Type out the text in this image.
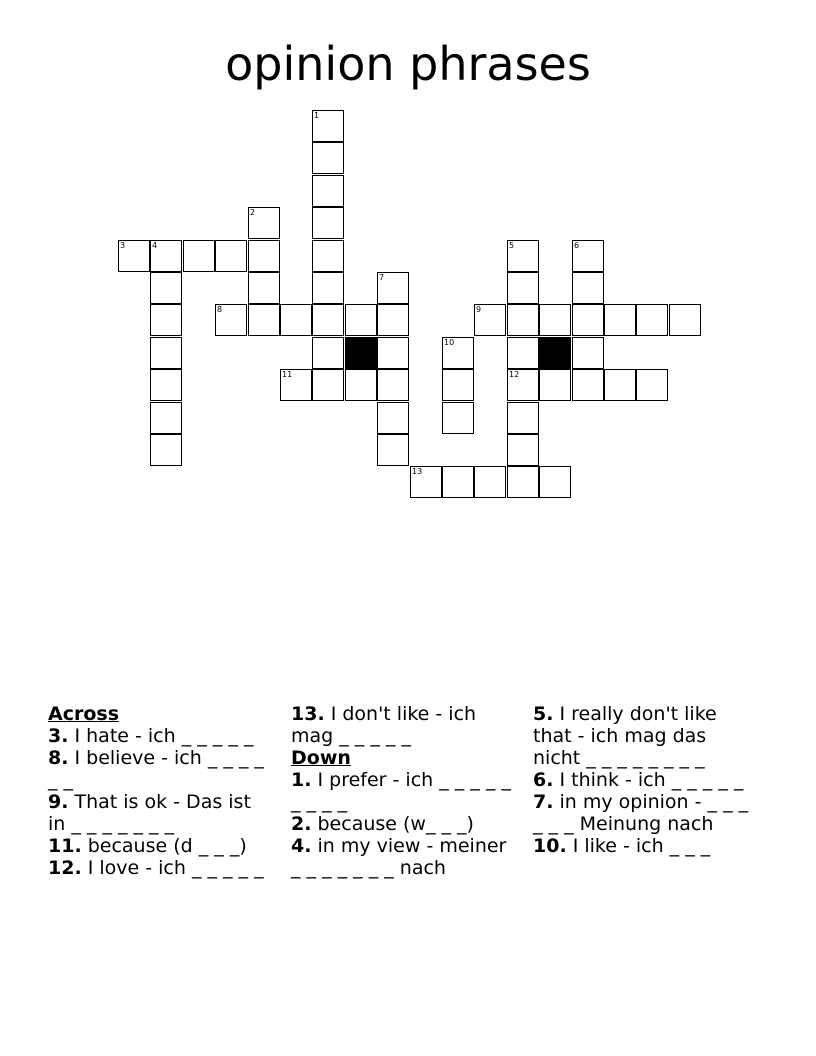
opinion phrases
1
2
3	4	5
12
6
7
8	9
10
11
13

Across

3. I hate - ich _ _ _ _ _

8. I believe - ich _ _ _ _ _ _

9. That is ok - Das ist in _ _ _ _ _ _ _

11. because (d _ _ _)

12. I love - ich _ _ _ _ _

13. I don't like - ich mag _ _ _ _ _

Down

1. I prefer - ich _ _ _ _ _ _ _ _ _

2. because (w_ _ _)

4. in my view - meiner _ _ _ _ _ _ _ nach

5. I really don't like that - ich mag das nicht _ _ _ _ _ _ _ _

6. I think - ich _ _ _ _ _

7. in my opinion - _ _ _ _ _ _ Meinung nach

10. I like - ich _ _ _
